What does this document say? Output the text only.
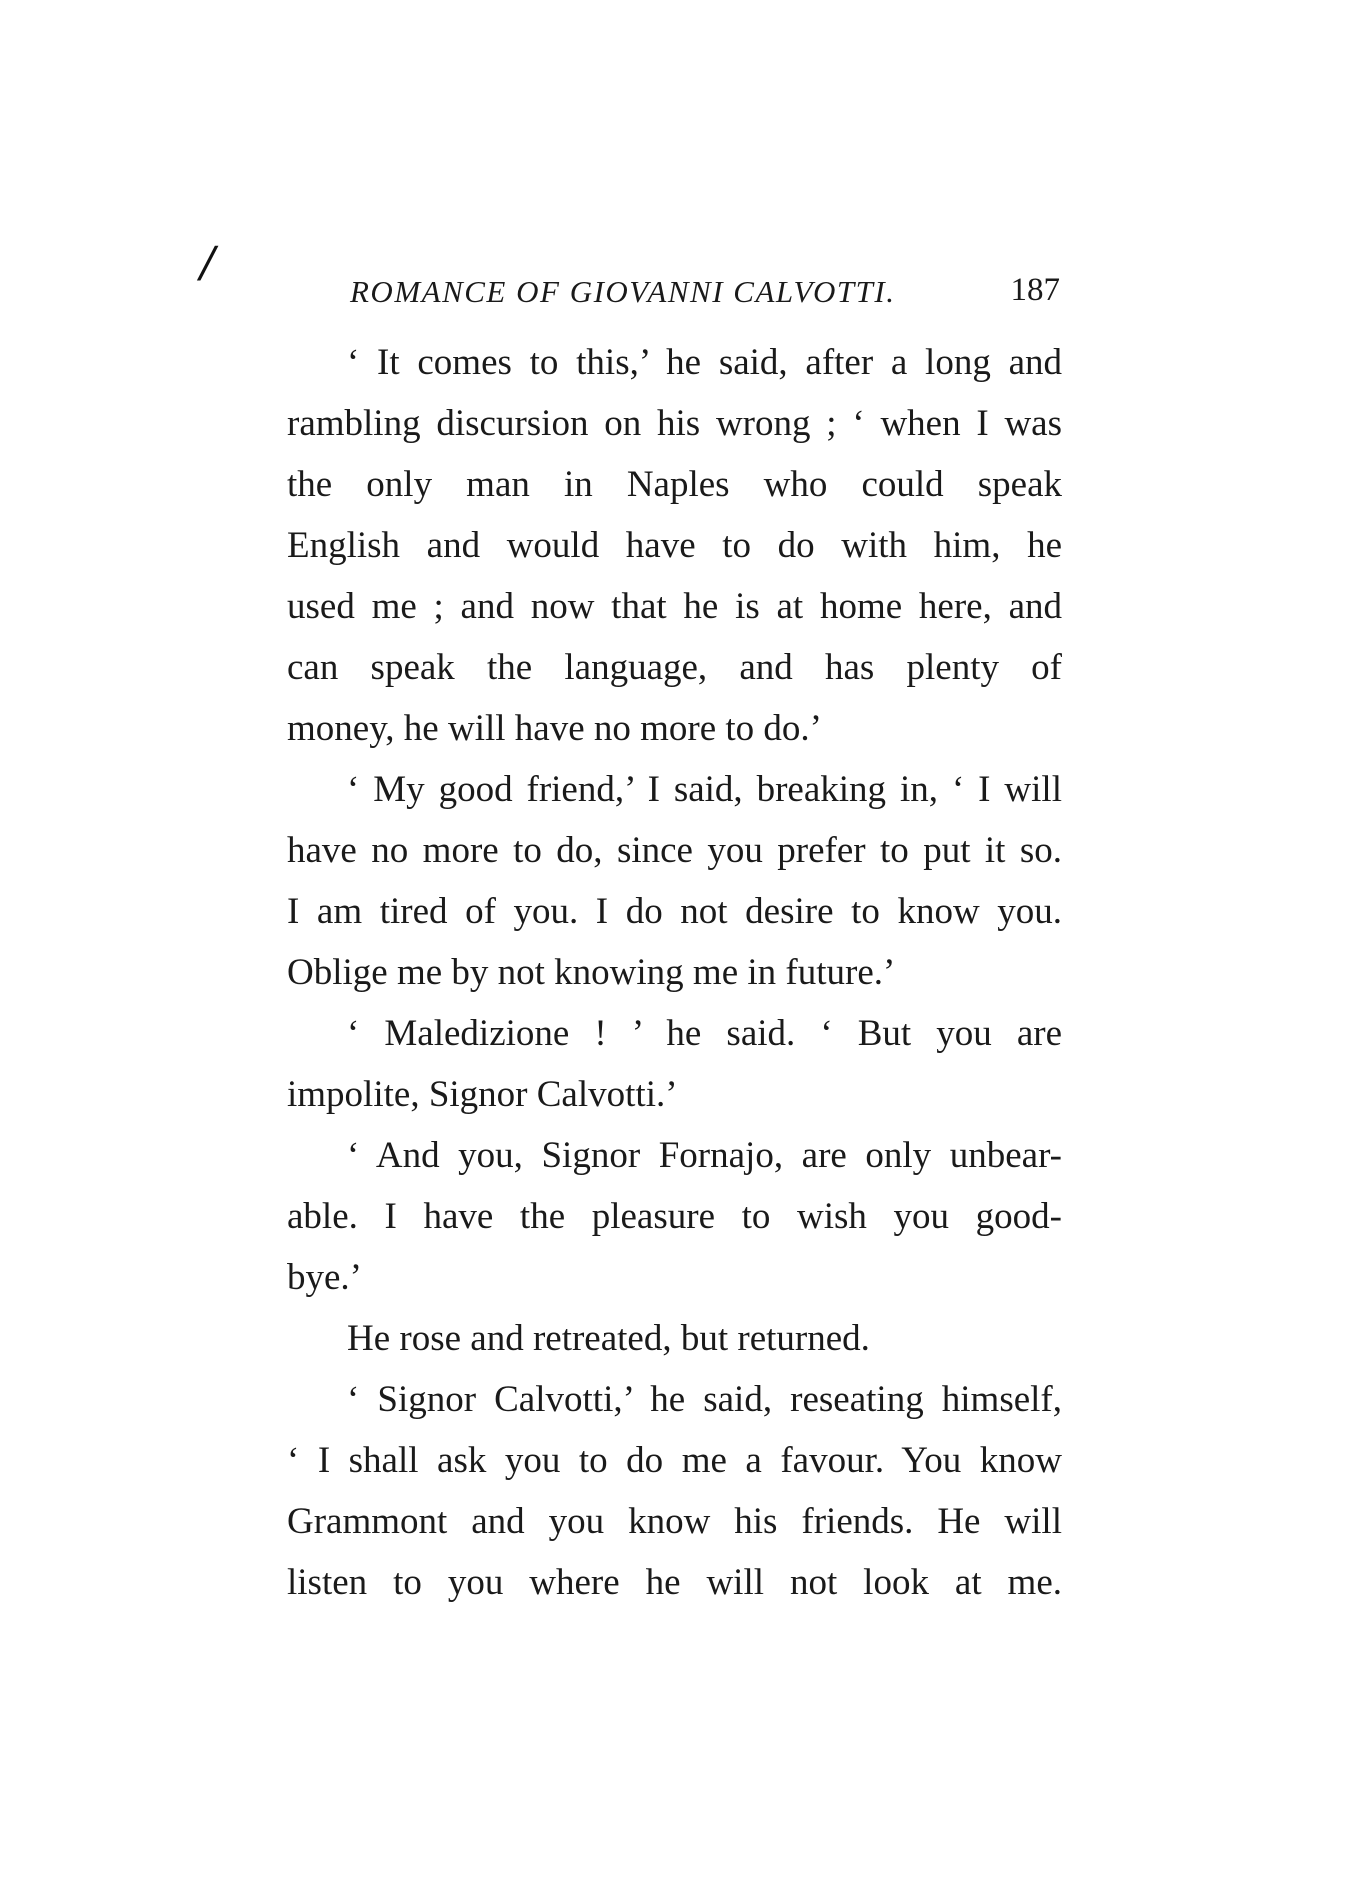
/	ROMANCE OF GIOVANNI CALVOTTI.	187
‘ It comes to this,’ he said, after a long and
rambling discursion on his wrong ; ‘ when I was
the only man in Naples who could speak
English and would have to do with him, he
used me ; and now that he is at home here, and
can speak the language, and has plenty of
money, he will have no more to do.’
‘ My good friend,’ I said, breaking in, ‘ I will
have no more to do, since you prefer to put it so.
I am tired of you. I do not desire to know you.
Oblige me by not knowing me in future.’
‘ Maledizione ! ’ he said. ‘ But you are
impolite, Signor Calvotti.’
‘ And you, Signor Fornajo, are only unbear-
able. I have the pleasure to wish you good-
bye.’
He rose and retreated, but returned.
‘ Signor Calvotti,’ he said, reseating himself,
‘ I shall ask you to do me a favour. You know
Grammont and you know his friends. He will
listen to you where he will not look at me.
